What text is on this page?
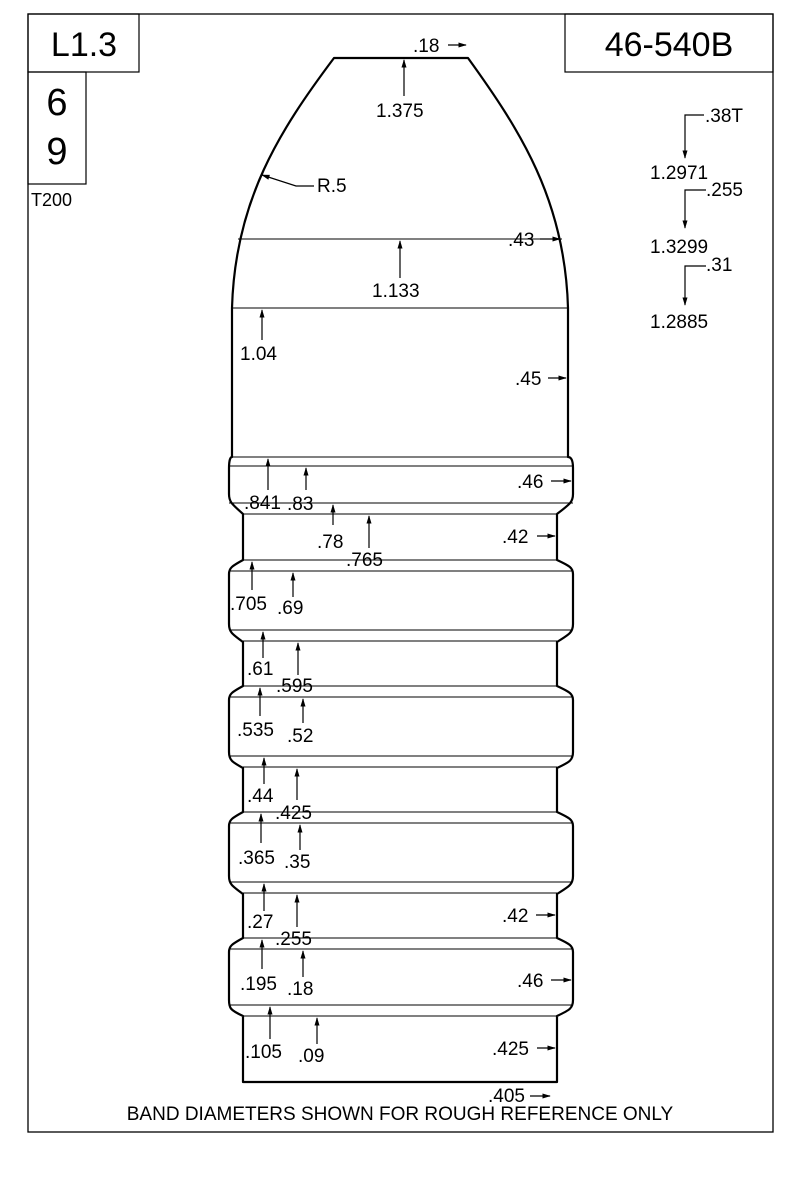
L1.3
6
9
T200
46-540B
.18
1.375
R.5
.43
1.133
1.04
.45
.841 .83
.46
.78
.765
.42
.705 .69
.61
.595
.535 .52
.44
.425
.365 .35
.27
.255
.42
.195 .18	.46
.105 .09	.425
.405
.38T
1.2971
.255
1.3299
.31
1.2885
BAND DIAMETERS SHOWN FOR ROUGH REFERENCE ONLY
